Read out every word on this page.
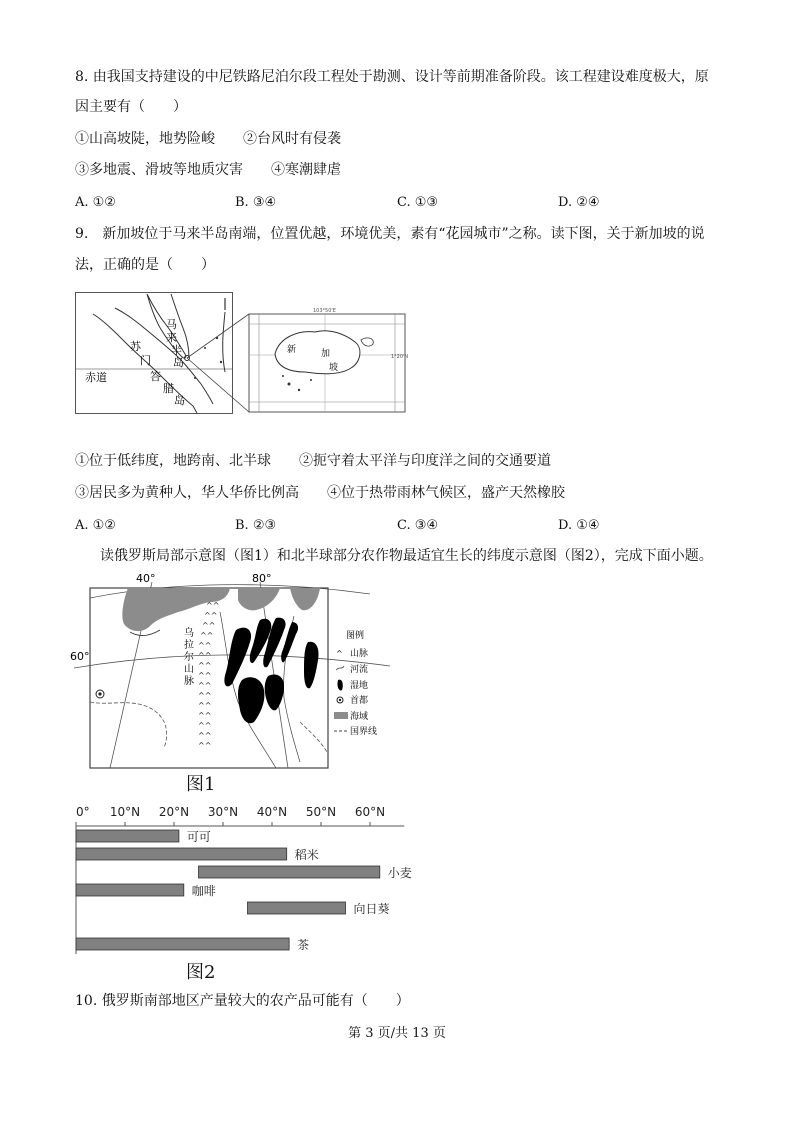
8. 由我国支持建设的中尼铁路尼泊尔段工程处于勘测、设计等前期准备阶段。该工程建设难度极大，原
因主要有（　　）
①山高坡陡，地势险峻　　②台风时有侵袭
③多地震、滑坡等地质灾害　　④寒潮肆虐
A. ①②	B. ③④	C. ①③	D. ②④
9.　新加坡位于马来半岛南端，位置优越，环境优美，素有“花园城市”之称。读下图，关于新加坡的说
法，正确的是（　　）
马
来
半
岛
苏
门
答
腊
岛
赤道
新	加
坡
103°50'E
1°20'N
①位于低纬度，地跨南、北半球　　②扼守着太平洋与印度洋之间的交通要道
③居民多为黄种人，华人华侨比例高　　④位于热带雨林气候区，盛产天然橡胶
A. ①②	B. ②③	C. ③④	D. ①④
读俄罗斯局部示意图（图1）和北半球部分农作物最适宜生长的纬度示意图（图2），完成下面小题。
^^
^^
^^
^^
^^
^^
^^
^^
^^
^^
^^
^^
^^
^^
^^
乌
拉
尔
山
脉
40°	80°
60°
图例
^ 山脉
河流
湿地
首都
海域
国界线
图1
0° 10°N 20°N 30°N 40°N 50°N 60°N
可可
稻米
小麦
咖啡
向日葵
茶
图2
10. 俄罗斯南部地区产量较大的农产品可能有（　　）
第 3 页/共 13 页
